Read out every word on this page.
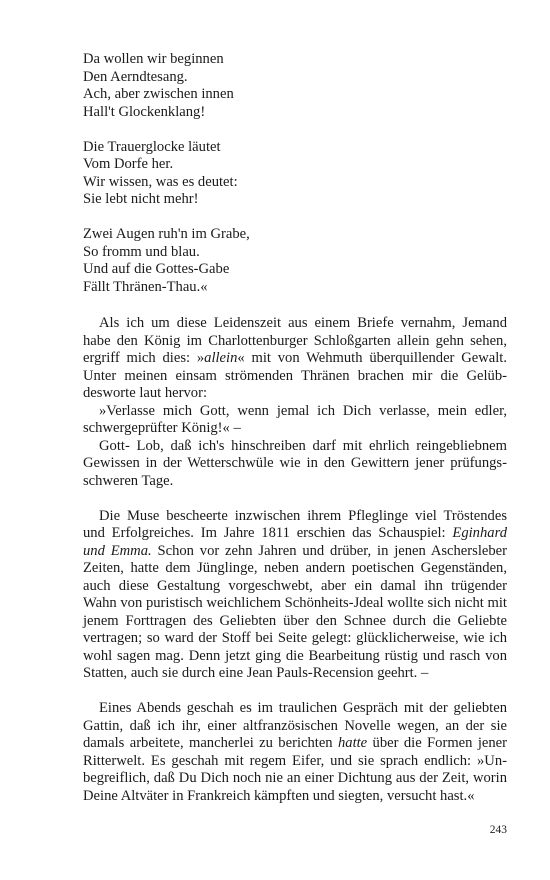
Da wollen wir beginnen
Den Aerndtesang.
Ach, aber zwischen innen
Hall't Glockenklang!
Die Trauerglocke läutet
Vom Dorfe her.
Wir wissen, was es deutet:
Sie lebt nicht mehr!
Zwei Augen ruh'n im Grabe,
So fromm und blau.
Und auf die Gottes-Gabe
Fällt Thränen-Thau.«

Als ich um diese Leidenszeit aus einem Briefe vernahm, Jemand habe den König im Charlottenburger Schloßgarten allein gehn sehen, ergriff mich dies: »allein« mit von Wehmuth überquillender Gewalt. Unter meinen einsam strömenden Thränen brachen mir die Gelübdesworte laut hervor:

»Verlasse mich Gott, wenn jemal ich Dich verlasse, mein edler, schwergeprüfter König!« –

Gott- Lob, daß ich's hinschreiben darf mit ehrlich reingebliebnem Gewissen in der Wetterschwüle wie in den Gewittern jener prüfungsschweren Tage.

Die Muse bescheerte inzwischen ihrem Pfleglinge viel Tröstendes und Erfolgreiches. Im Jahre 1811 erschien das Schauspiel: Eginhard und Emma. Schon vor zehn Jahren und drüber, in jenen Aschersleber Zeiten, hatte dem Jünglinge, neben andern poetischen Gegenständen, auch diese Gestaltung vorgeschwebt, aber ein damal ihn trügender Wahn von puristisch weichlichem Schönheits-Jdeal wollte sich nicht mit jenem Forttragen des Geliebten über den Schnee durch die Geliebte vertragen; so ward der Stoff bei Seite gelegt: glücklicherweise, wie ich wohl sagen mag. Denn jetzt ging die Bearbeitung rüstig und rasch von Statten, auch sie durch eine Jean Pauls-Recension geehrt. –

Eines Abends geschah es im traulichen Gespräch mit der geliebten Gattin, daß ich ihr, einer altfranzösischen Novelle wegen, an der sie damals arbeitete, mancherlei zu berichten hatte über die Formen jener Ritterwelt. Es geschah mit regem Eifer, und sie sprach endlich: »Unbegreiflich, daß Du Dich noch nie an einer Dichtung aus der Zeit, worin Deine Altväter in Frankreich kämpften und siegten, versucht hast.«

243
